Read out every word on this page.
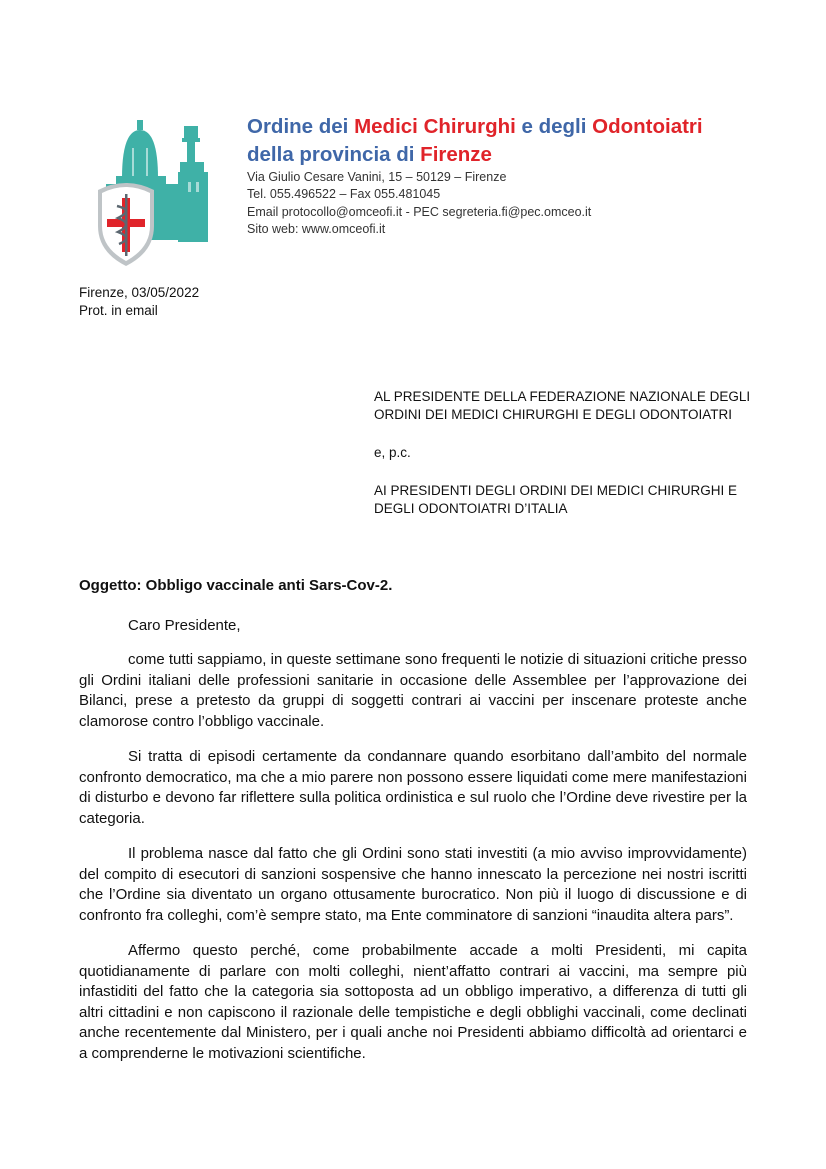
Ordine dei Medici Chirurghi e degli Odontoiatri
della provincia di Firenze
Via Giulio Cesare Vanini, 15 – 50129 – Firenze
Tel. 055.496522 – Fax 055.481045
Email protocollo@omceofi.it - PEC segreteria.fi@pec.omceo.it
Sito web: www.omceofi.it
Firenze, 03/05/2022
Prot. in email

AL PRESIDENTE DELLA FEDERAZIONE NAZIONALE DEGLI ORDINI DEI MEDICI CHIRURGHI E DEGLI ODONTOIATRI

e, p.c.

AI PRESIDENTI DEGLI ORDINI DEI MEDICI CHIRURGHI E DEGLI ODONTOIATRI D’ITALIA

Oggetto: Obbligo vaccinale anti Sars-Cov-2.
Caro Presidente,

come tutti sappiamo, in queste settimane sono frequenti le notizie di situazioni critiche presso gli Ordini italiani delle professioni sanitarie in occasione delle Assemblee per l’approvazione dei Bilanci, prese a pretesto da gruppi di soggetti contrari ai vaccini per inscenare proteste anche clamorose contro l’obbligo vaccinale.

Si tratta di episodi certamente da condannare quando esorbitano dall’ambito del normale confronto democratico, ma che a mio parere non possono essere liquidati come mere manifestazioni di disturbo e devono far riflettere sulla politica ordinistica e sul ruolo che l’Ordine deve rivestire per la categoria.

Il problema nasce dal fatto che gli Ordini sono stati investiti (a mio avviso improvvidamente) del compito di esecutori di sanzioni sospensive che hanno innescato la percezione nei nostri iscritti che l’Ordine sia diventato un organo ottusamente burocratico. Non più il luogo di discussione e di confronto fra colleghi, com’è sempre stato, ma Ente comminatore di sanzioni “inaudita altera pars”.

Affermo questo perché, come probabilmente accade a molti Presidenti, mi capita quotidianamente di parlare con molti colleghi, nient’affatto contrari ai vaccini, ma sempre più infastiditi del fatto che la categoria sia sottoposta ad un obbligo imperativo, a differenza di tutti gli altri cittadini e non capiscono il razionale delle tempistiche e degli obblighi vaccinali, come declinati anche recentemente dal Ministero, per i quali anche noi Presidenti abbiamo difficoltà ad orientarci e a comprenderne le motivazioni scientifiche.
